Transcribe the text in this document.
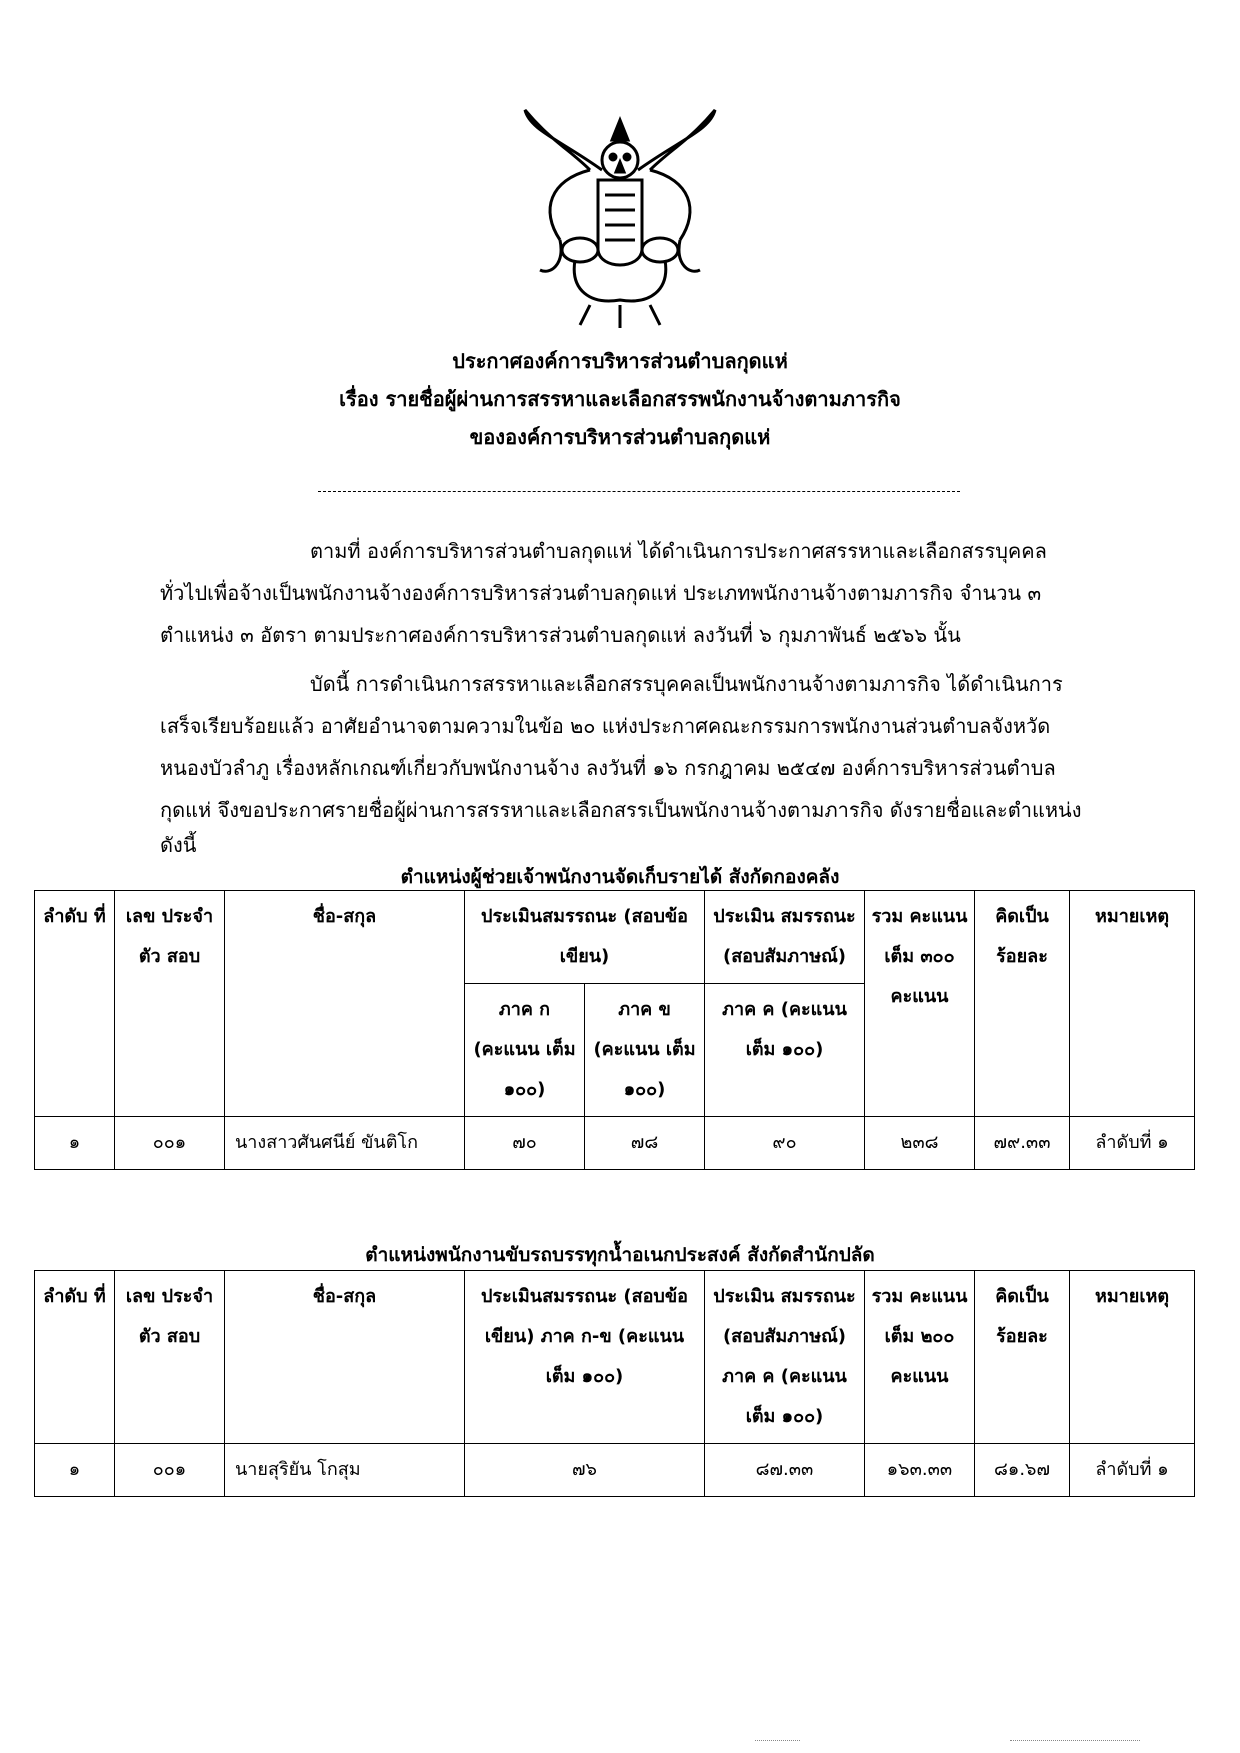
ประกาศองค์การบริหารส่วนตำบลกุดแห่
เรื่อง รายชื่อผู้ผ่านการสรรหาและเลือกสรรพนักงานจ้างตามภารกิจ
ขององค์การบริหารส่วนตำบลกุดแห่

ตามที่ องค์การบริหารส่วนตำบลกุดแห่ ได้ดำเนินการประกาศสรรหาและเลือกสรรบุคคล

ทั่วไปเพื่อจ้างเป็นพนักงานจ้างองค์การบริหารส่วนตำบลกุดแห่ ประเภทพนักงานจ้างตามภารกิจ จำนวน ๓

ตำแหน่ง ๓ อัตรา ตามประกาศองค์การบริหารส่วนตำบลกุดแห่ ลงวันที่ ๖ กุมภาพันธ์ ๒๕๖๖ นั้น

บัดนี้ การดำเนินการสรรหาและเลือกสรรบุคคลเป็นพนักงานจ้างตามภารกิจ ได้ดำเนินการ

เสร็จเรียบร้อยแล้ว อาศัยอำนาจตามความในข้อ ๒๐ แห่งประกาศคณะกรรมการพนักงานส่วนตำบลจังหวัด

หนองบัวลำภู เรื่องหลักเกณฑ์เกี่ยวกับพนักงานจ้าง ลงวันที่ ๑๖ กรกฎาคม ๒๕๔๗ องค์การบริหารส่วนตำบล

กุดแห่ จึงขอประกาศรายชื่อผู้ผ่านการสรรหาและเลือกสรรเป็นพนักงานจ้างตามภารกิจ ดังรายชื่อและตำแหน่ง

ดังนี้

ตำแหน่งผู้ช่วยเจ้าพนักงานจัดเก็บรายได้ สังกัดกองคลัง
ลำดับ ที่	เลข ประจำตัว สอบ	ชื่อ-สกุล	ประเมินสมรรถนะ (สอบข้อเขียน)		ประเมิน สมรรถนะ (สอบสัมภาษณ์)	รวม คะแนน เต็ม ๓๐๐ คะแนน	คิดเป็น ร้อยละ	หมายเหตุ
			ภาค ก (คะแนน เต็ม ๑๐๐)	ภาค ข (คะแนน เต็ม ๑๐๐)	ภาค ค (คะแนน เต็ม ๑๐๐)			
๑	๐๐๑	นางสาวศันศนีย์ ขันติโก	๗๐	๗๘	๙๐	๒๓๘	๗๙.๓๓	ลำดับที่ ๑
ตำแหน่งพนักงานขับรถบรรทุกน้ำอเนกประสงค์ สังกัดสำนักปลัด
ลำดับ ที่	เลข ประจำตัว สอบ	ชื่อ-สกุล	ประเมินสมรรถนะ (สอบข้อเขียน) ภาค ก-ข (คะแนน เต็ม ๑๐๐)	ประเมิน สมรรถนะ (สอบสัมภาษณ์) ภาค ค (คะแนน เต็ม ๑๐๐)	รวม คะแนน เต็ม ๒๐๐ คะแนน	คิดเป็น ร้อยละ	หมายเหตุ
๑	๐๐๑	นายสุริยัน โกสุม	๗๖	๘๗.๓๓	๑๖๓.๓๓	๘๑.๖๗	ลำดับที่ ๑
